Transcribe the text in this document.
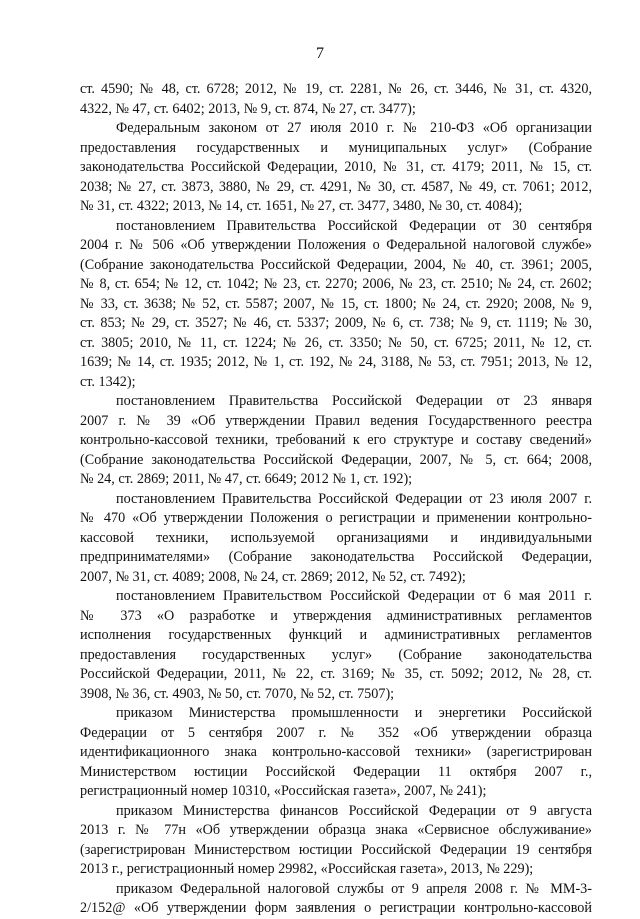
7
ст. 4590; № 48, ст. 6728; 2012, № 19, ст. 2281, № 26, ст. 3446, № 31, ст. 4320,
4322, № 47, ст. 6402; 2013, № 9, ст. 874, № 27, ст. 3477);
Федеральным законом от 27 июля 2010 г. № 210-ФЗ «Об организации
предоставления государственных и муниципальных услуг» (Собрание
законодательства Российской Федерации, 2010, № 31, ст. 4179; 2011, № 15, ст.
2038; № 27, ст. 3873, 3880, № 29, ст. 4291, № 30, ст. 4587, № 49, ст. 7061; 2012,
№ 31, ст. 4322; 2013, № 14, ст. 1651, № 27, ст. 3477, 3480, № 30, ст. 4084);
постановлением Правительства Российской Федерации от 30 сентября
2004 г. № 506 «Об утверждении Положения о Федеральной налоговой службе»
(Собрание законодательства Российской Федерации, 2004, № 40, ст. 3961; 2005,
№ 8, ст. 654; № 12, ст. 1042; № 23, ст. 2270; 2006, № 23, ст. 2510; № 24, ст. 2602;
№ 33, ст. 3638; № 52, ст. 5587; 2007, № 15, ст. 1800; № 24, ст. 2920; 2008, № 9,
ст. 853; № 29, ст. 3527; № 46, ст. 5337; 2009, № 6, ст. 738; № 9, ст. 1119; № 30,
ст. 3805; 2010, № 11, ст. 1224; № 26, ст. 3350; № 50, ст. 6725; 2011, № 12, ст.
1639; № 14, ст. 1935; 2012, № 1, ст. 192, № 24, 3188, № 53, ст. 7951; 2013, № 12,
ст. 1342);
постановлением Правительства Российской Федерации от 23 января
2007 г. № 39 «Об утверждении Правил ведения Государственного реестра
контрольно-кассовой техники, требований к его структуре и составу сведений»
(Собрание законодательства Российской Федерации, 2007, № 5, ст. 664; 2008,
№ 24, ст. 2869; 2011, № 47, ст. 6649; 2012 № 1, ст. 192);
постановлением Правительства Российской Федерации от 23 июля 2007 г.
№ 470 «Об утверждении Положения о регистрации и применении контрольно-
кассовой техники, используемой организациями и индивидуальными
предпринимателями» (Собрание законодательства Российской Федерации,
2007, № 31, ст. 4089; 2008, № 24, ст. 2869; 2012, № 52, ст. 7492);
постановлением Правительством Российской Федерации от 6 мая 2011 г.
№ 373 «О разработке и утверждения административных регламентов
исполнения государственных функций и административных регламентов
предоставления государственных услуг» (Собрание законодательства
Российской Федерации, 2011, № 22, ст. 3169; № 35, ст. 5092; 2012, № 28, ст.
3908, № 36, ст. 4903, № 50, ст. 7070, № 52, ст. 7507);
приказом Министерства промышленности и энергетики Российской
Федерации от 5 сентября 2007 г. № 352 «Об утверждении образца
идентификационного знака контрольно-кассовой техники» (зарегистрирован
Министерством юстиции Российской Федерации 11 октября 2007 г.,
регистрационный номер 10310, «Российская газета», 2007, № 241);
приказом Министерства финансов Российской Федерации от 9 августа
2013 г. № 77н «Об утверждении образца знака «Сервисное обслуживание»
(зарегистрирован Министерством юстиции Российской Федерации 19 сентября
2013 г., регистрационный номер 29982, «Российская газета», 2013, № 229);
приказом Федеральной налоговой службы от 9 апреля 2008 г. № ММ-3-
2/152@ «Об утверждении форм заявления о регистрации контрольно-кассовой
